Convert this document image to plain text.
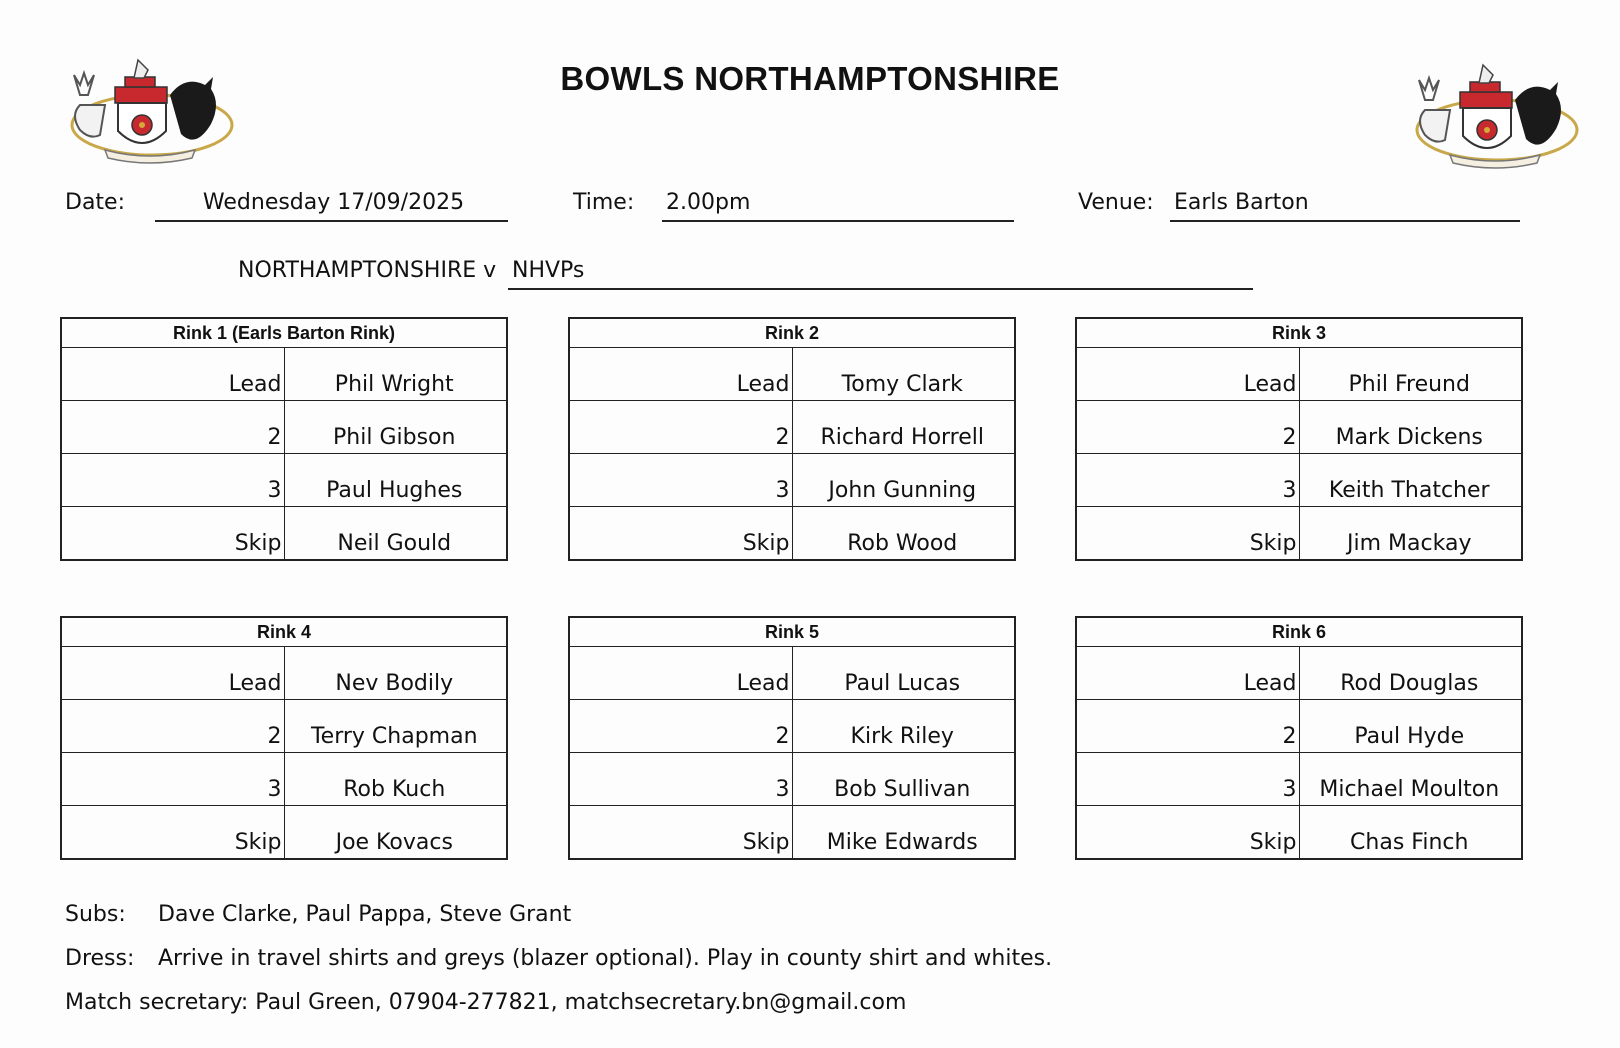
BOWLS NORTHAMPTONSHIRE
Date:	Wednesday 17/09/2025	Time: 2.00pm	Venue: Earls Barton
NORTHAMPTONSHIRE v NHVPs
Rink 1 (Earls Barton Rink)	
Lead	Phil Wright
2	Phil Gibson
3	Paul Hughes
Skip	Neil Gould
Rink 2	
Lead	Tomy Clark
2	Richard Horrell
3	John Gunning
Skip	Rob Wood
Rink 3	
Lead	Phil Freund
2	Mark Dickens
3	Keith Thatcher
Skip	Jim Mackay
Rink 4	
Lead	Nev Bodily
2	Terry Chapman
3	Rob Kuch
Skip	Joe Kovacs
Rink 5	
Lead	Paul Lucas
2	Kirk Riley
3	Bob Sullivan
Skip	Mike Edwards
Rink 6	
Lead	Rod Douglas
2	Paul Hyde
3	Michael Moulton
Skip	Chas Finch
Subs: Dave Clarke, Paul Pappa, Steve Grant
Dress: Arrive in travel shirts and greys (blazer optional). Play in county shirt and whites.
Match secretary: Paul Green, 07904-277821, matchsecretary.bn@gmail.com
